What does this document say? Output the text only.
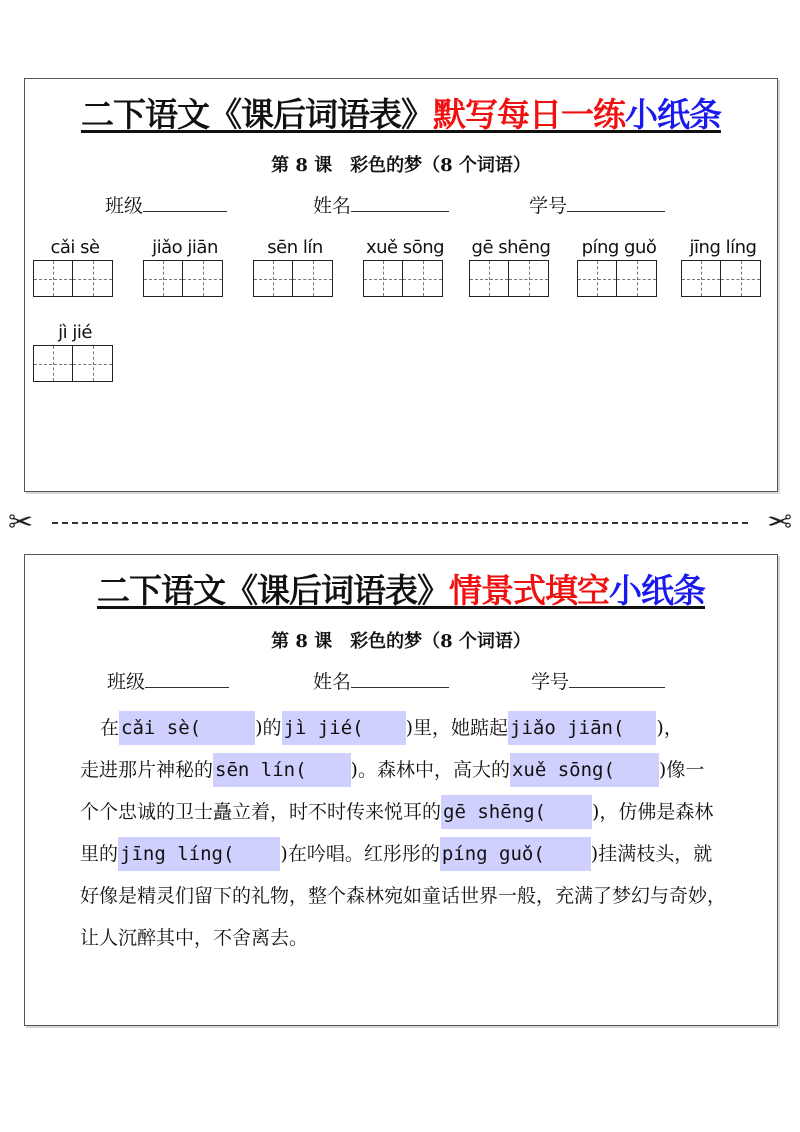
二下语文《课后词语表》默写每日一练小纸条
第 8 课　彩色的梦（8 个词语）
班级	姓名	学号
cǎi sè	jiǎo jiān	sēn lín	xuě sōng	gē shēng	píng guǒ	jīng líng
jì jié
✂	✂
二下语文《课后词语表》情景式填空小纸条
第 8 课　彩色的梦（8 个词语）
班级	姓名	学号
在 cǎi sè(	)的 jì jié( )里，她踮起 jiǎo jiān( )，
走进那片神秘的 sēn lín( )。森林中，高大的 xuě sōng( )像一
个个忠诚的卫士矗立着，时不时传来悦耳的 gē shēng( )，仿佛是森林
里的 jīng líng( )在吟唱。红彤彤的 píng guǒ( )挂满枝头，就
好像是精灵们留下的礼物，整个森林宛如童话世界一般，充满了梦幻与奇妙，
让人沉醉其中，不舍离去。
